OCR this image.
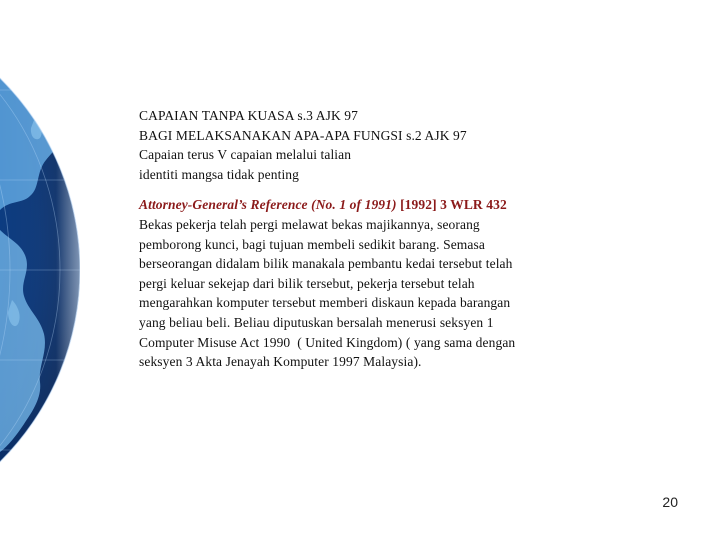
CAPAIAN TANPA KUASA s.3 AJK 97
BAGI MELAKSANAKAN APA-APA FUNGSI s.2 AJK 97
Capaian terus V capaian melalui talian
identiti mangsa tidak penting
Attorney-General’s Reference (No. 1 of 1991) [1992] 3 WLR 432
Bekas pekerja telah pergi melawat bekas majikannya, seorang
pemborong kunci, bagi tujuan membeli sedikit barang. Semasa
berseorangan didalam bilik manakala pembantu kedai tersebut telah
pergi keluar sekejap dari bilik tersebut, pekerja tersebut telah
mengarahkan komputer tersebut memberi diskaun kepada barangan
yang beliau beli. Beliau diputuskan bersalah menerusi seksyen 1
Computer Misuse Act 1990  ( United Kingdom) ( yang sama dengan
seksyen 3 Akta Jenayah Komputer 1997 Malaysia).
20
